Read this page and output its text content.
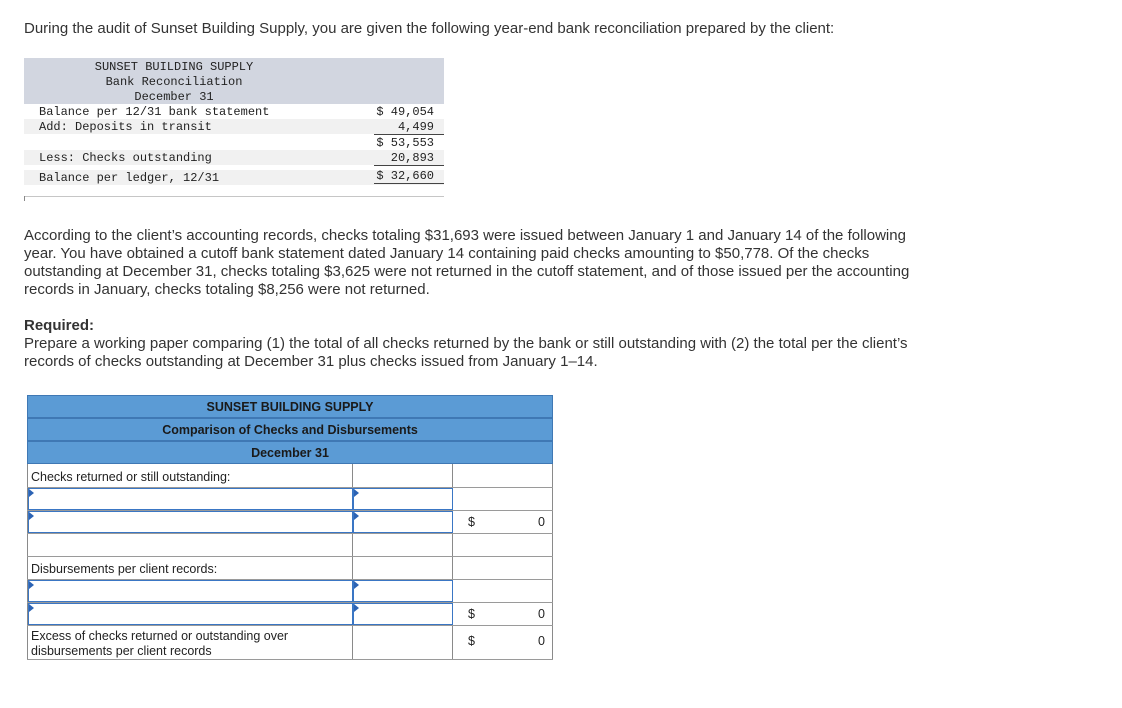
During the audit of Sunset Building Supply, you are given the following year-end bank reconciliation prepared by the client:
SUNSET BUILDING SUPPLY
Bank Reconciliation
December 31
Balance per 12/31 bank statement	$ 49,054
Add: Deposits in transit	4,499
$ 53,553
Less: Checks outstanding	20,893
Balance per ledger, 12/31	$ 32,660
According to the client’s accounting records, checks totaling $31,693 were issued between January 1 and January 14 of the following
year. You have obtained a cutoff bank statement dated January 14 containing paid checks amounting to $50,778. Of the checks
outstanding at December 31, checks totaling $3,625 were not returned in the cutoff statement, and of those issued per the accounting
records in January, checks totaling $8,256 were not returned.
Required:
Prepare a working paper comparing (1) the total of all checks returned by the bank or still outstanding with (2) the total per the client’s
records of checks outstanding at December 31 plus checks issued from January 1–14.
SUNSET BUILDING SUPPLY
Comparison of Checks and Disbursements
December 31
Checks returned or still outstanding:
$	0
Disbursements per client records:
$	0
Excess of checks returned or outstanding over
disbursements per client records
$	0
